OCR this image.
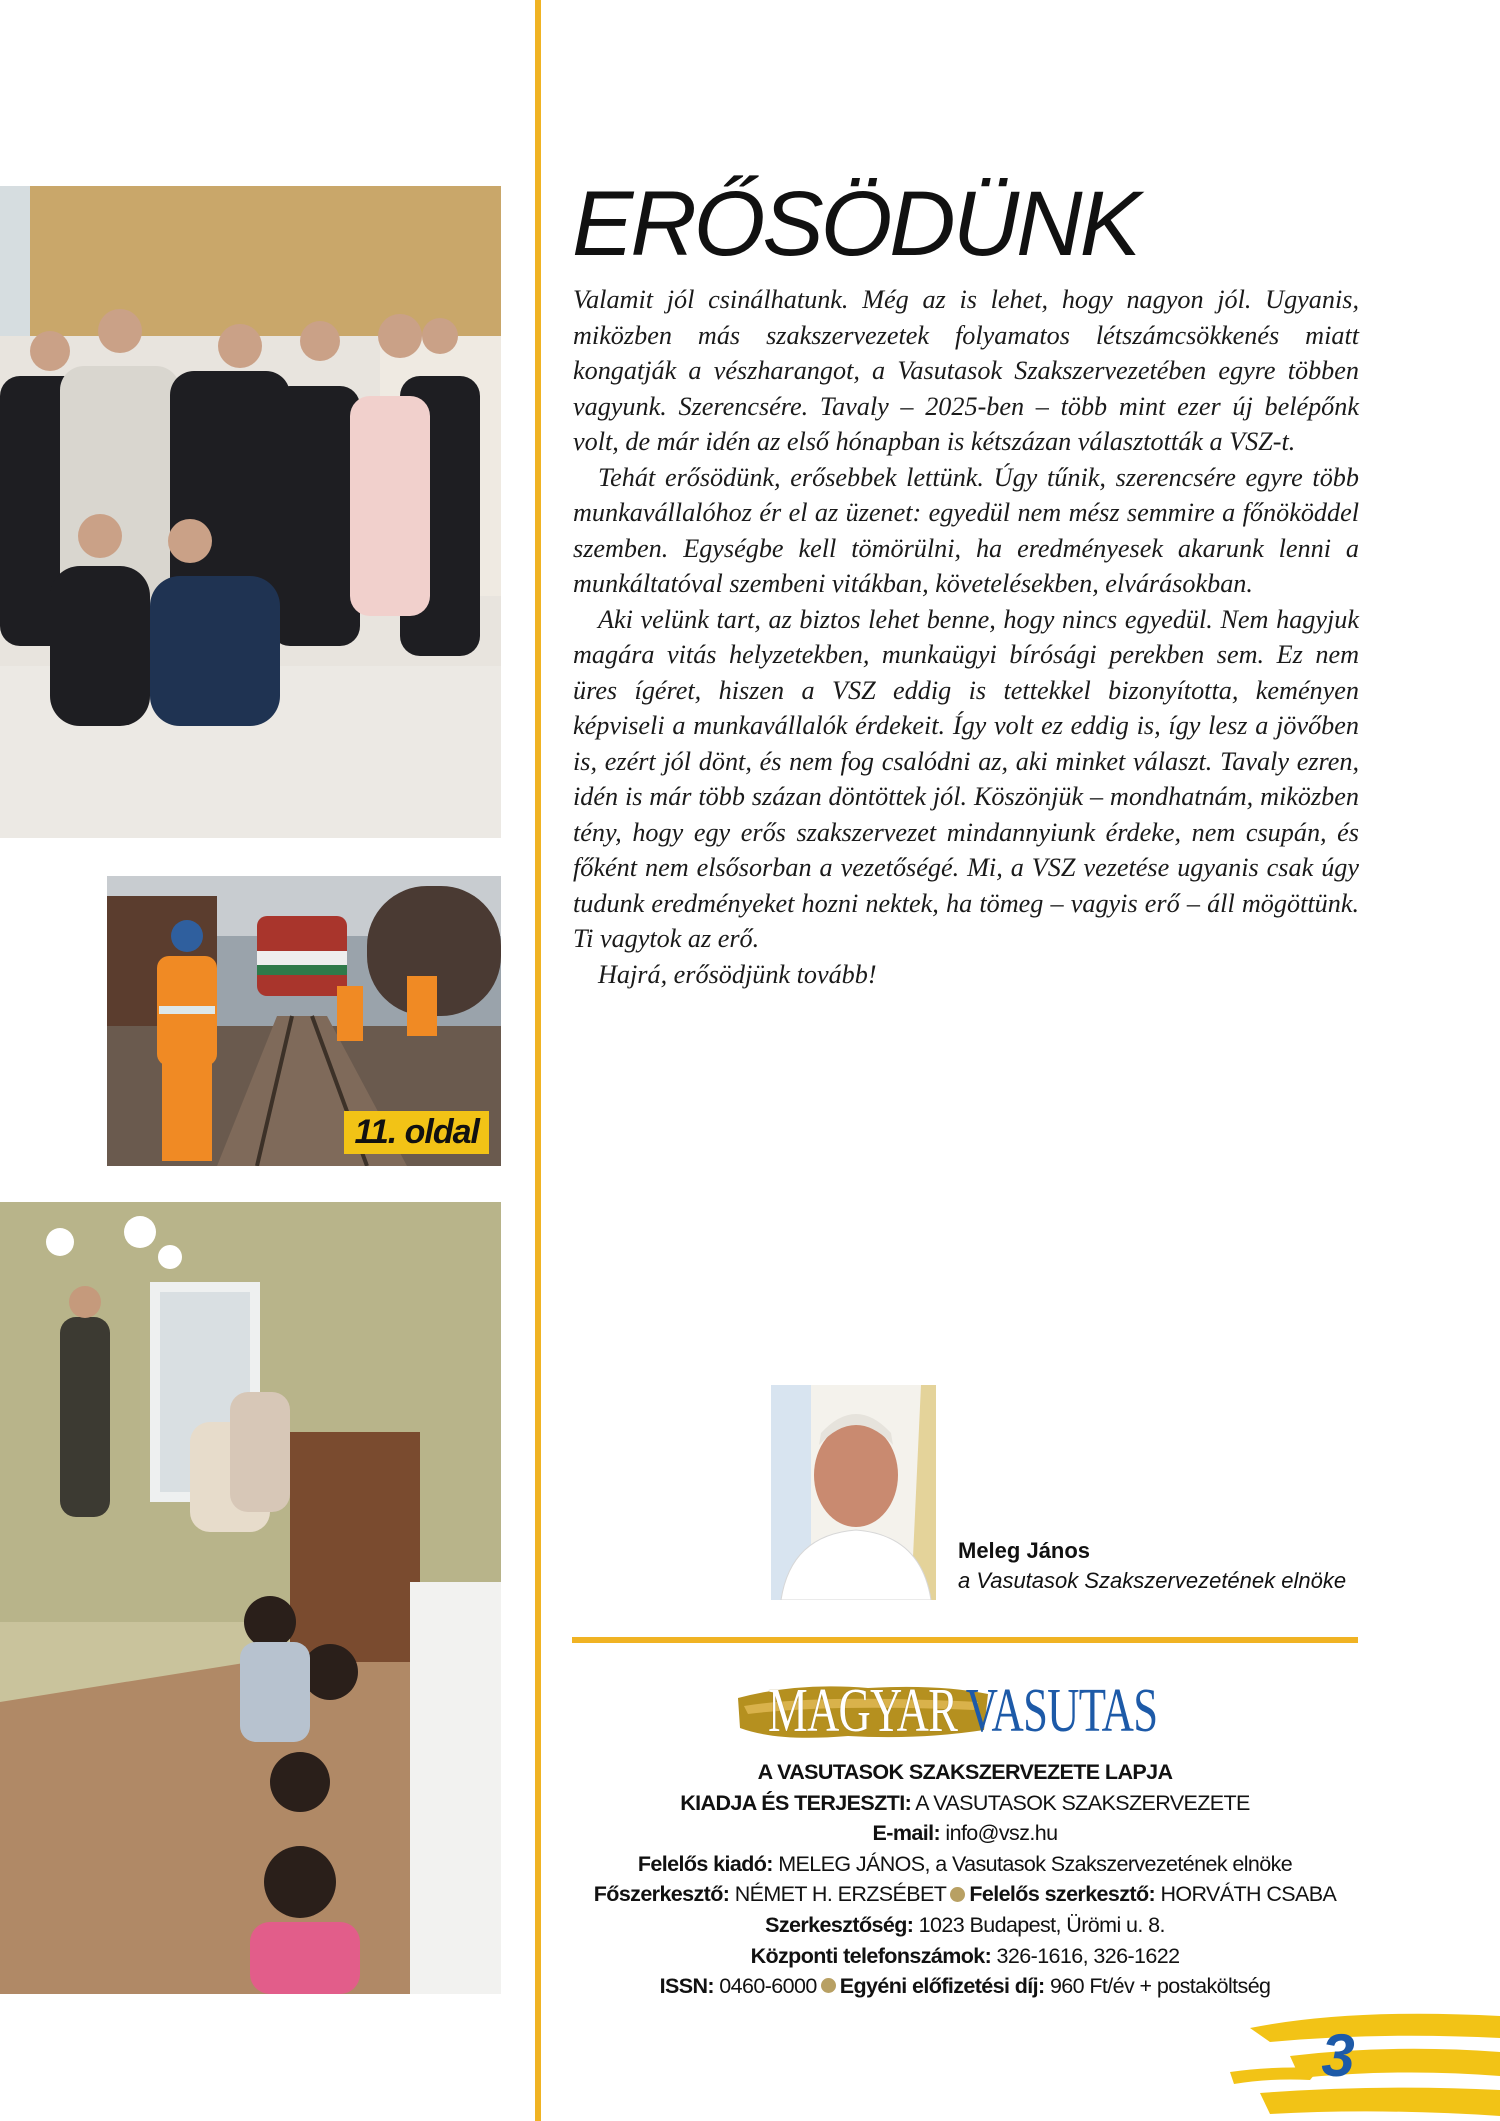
11. oldal
ERŐSÖDÜNK

Valamit jól csinálhatunk. Még az is lehet, hogy nagyon jól. Ugyanis, miközben más szakszervezetek folyamatos létszámcsökkenés miatt kongatják a vészharangot, a Vasutasok Szakszervezetében egyre többen vagyunk. Szerencsére. Tavaly – 2025-ben – több mint ezer új belépőnk volt, de már idén az első hónapban is kétszázan választották a VSZ-t.

Tehát erősödünk, erősebbek lettünk. Úgy tűnik, szerencsére egyre több munkavállalóhoz ér el az üzenet: egyedül nem mész semmire a főnököddel szemben. Egységbe kell tömörülni, ha eredményesek akarunk lenni a munkáltatóval szembeni vitákban, követelésekben, elvárásokban.

Aki velünk tart, az biztos lehet benne, hogy nincs egyedül. Nem hagyjuk magára vitás helyzetekben, munkaügyi bírósági perekben sem. Ez nem üres ígéret, hiszen a VSZ eddig is tettekkel bizonyította, keményen képviseli a munkavállalók érdekeit. Így volt ez eddig is, így lesz a jövőben is, ezért jól dönt, és nem fog csalódni az, aki minket választ. Tavaly ezren, idén is már több százan döntöttek jól. Köszönjük – mondhatnám, miközben tény, hogy egy erős szakszervezet mindannyiunk érdeke, nem csupán, és főként nem elsősorban a vezetőségé. Mi, a VSZ vezetése ugyanis csak úgy tudunk eredményeket hozni nektek, ha tömeg – vagyis erő – áll mögöttünk. Ti vagytok az erő.

Hajrá, erősödjünk tovább!

Meleg János
a Vasutasok Szakszervezetének elnöke
MAGYAR VASUTAS
A VASUTASOK SZAKSZERVEZETE LAPJA
KIADJA ÉS TERJESZTI: A VASUTASOK SZAKSZERVEZETE
E-mail: info@vsz.hu
Felelős kiadó: MELEG JÁNOS, a Vasutasok Szakszervezetének elnöke
Főszerkesztő: NÉMET H. ERZSÉBET Felelős szerkesztő: HORVÁTH CSABA
Szerkesztőség: 1023 Budapest, Ürömi u. 8.
Központi telefonszámok: 326-1616, 326-1622
ISSN: 0460-6000 Egyéni előfizetési díj: 960 Ft/év + postaköltség
3
